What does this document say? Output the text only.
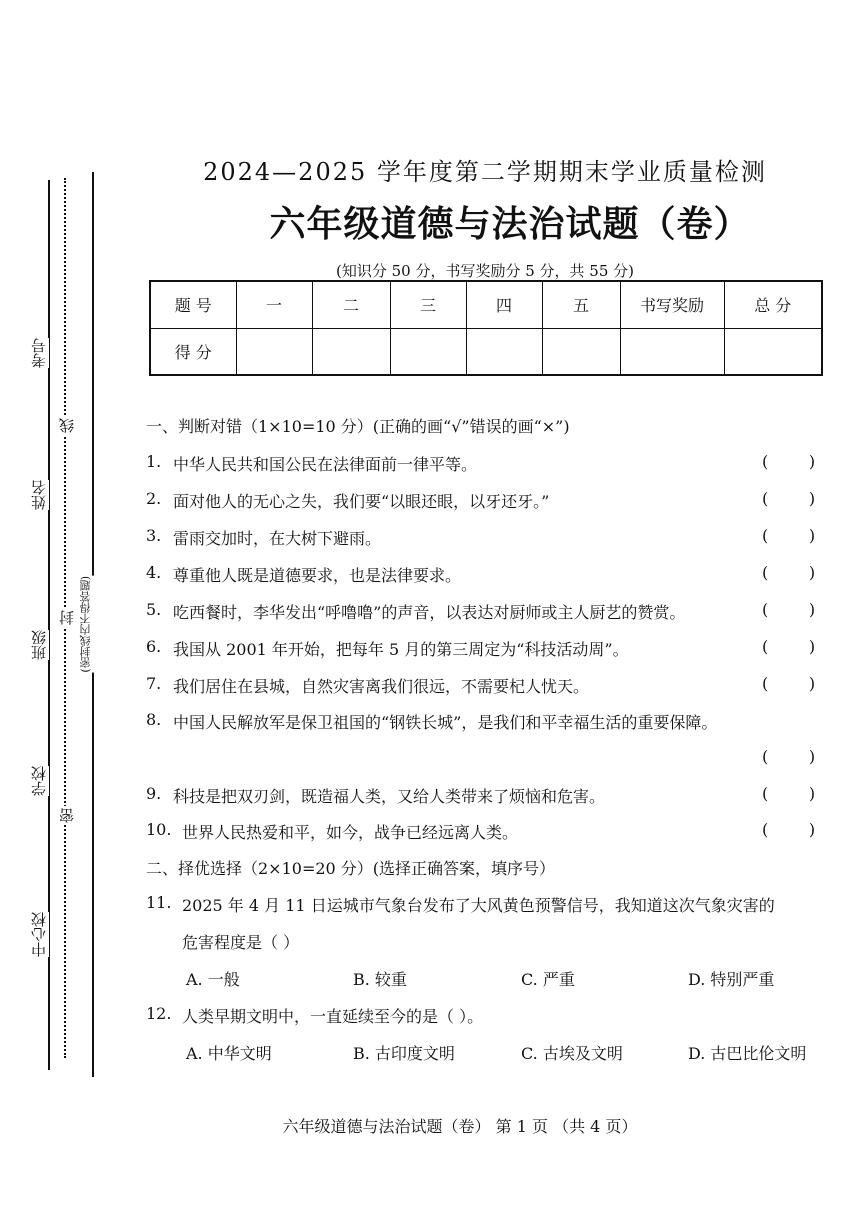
考号
姓名
班级
学校
中心校
线
封
密
(密封线内不得答题)
2024—2025 学年度第二学期期末学业质量检测
六年级道德与法治试题（卷）
(知识分 50 分，书写奖励分 5 分，共 55 分)
题 号	一	二	三	四	五	书写奖励	总 分
得 分							
一、判断对错（1×10=10 分）(正确的画“√”错误的画“×”)
1. 中华人民共和国公民在法律面前一律平等。	(        )
2. 面对他人的无心之失，我们要“以眼还眼，以牙还牙。”	(        )
3. 雷雨交加时，在大树下避雨。	(        )
4. 尊重他人既是道德要求，也是法律要求。	(        )
5. 吃西餐时，李华发出“呼噜噜”的声音，以表达对厨师或主人厨艺的赞赏。	(        )
6. 我国从 2001 年开始，把每年 5 月的第三周定为“科技活动周”。	(        )
7. 我们居住在县城，自然灾害离我们很远，不需要杞人忧天。	(        )
8. 中国人民解放军是保卫祖国的“钢铁长城”，是我们和平幸福生活的重要保障。
(        )
9. 科技是把双刃剑，既造福人类，又给人类带来了烦恼和危害。	(        )
10. 世界人民热爱和平，如今，战争已经远离人类。	(        )
二、择优选择（2×10=20 分）(选择正确答案，填序号）
11. 2025 年 4 月 11 日运城市气象台发布了大风黄色预警信号，我知道这次气象灾害的
危害程度是（ ）
A. 一般	B. 较重	C. 严重	D. 特别严重
12. 人类早期文明中，一直延续至今的是（ ）。
A. 中华文明	B. 古印度文明	C. 古埃及文明	D. 古巴比伦文明
六年级道德与法治试题（卷） 第 1 页 （共 4 页）
